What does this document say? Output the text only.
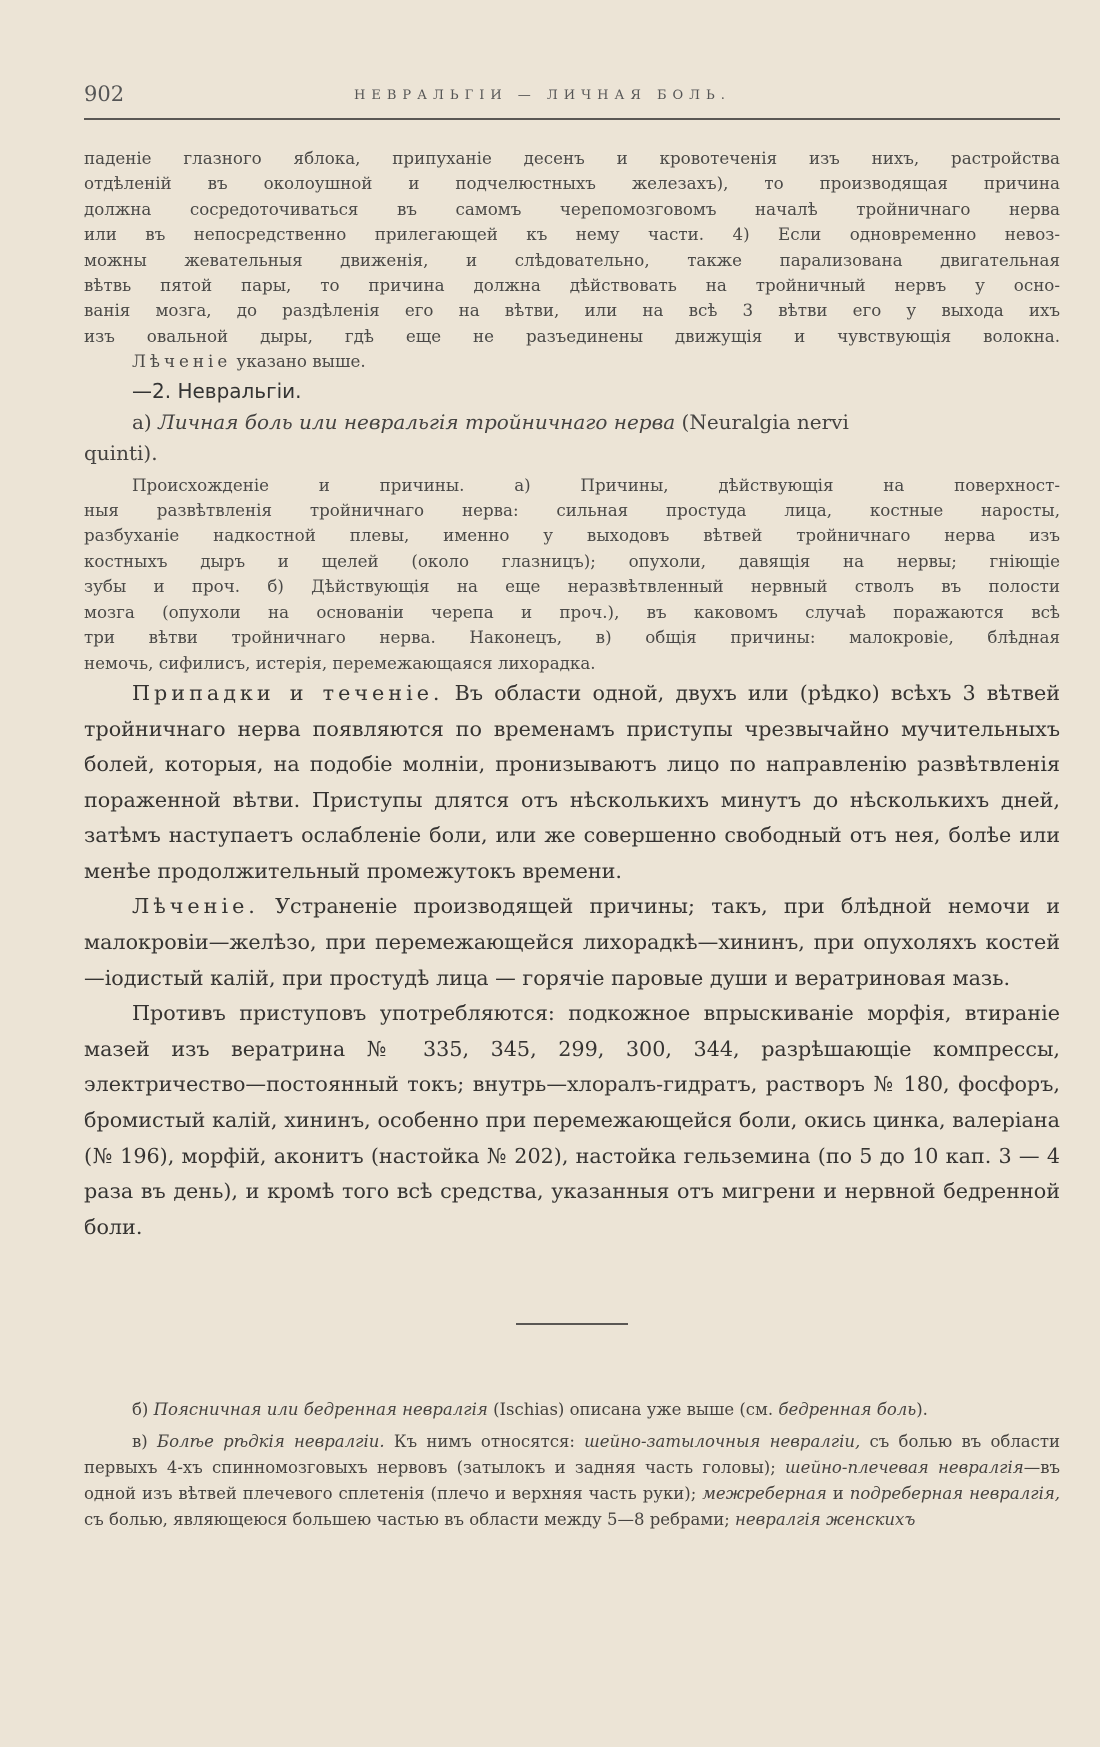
902	НЕВРАЛЬГІИ — ЛИЧНАЯ БОЛЬ.
паденіе глазного яблока, припуханіе десенъ и кровотеченія изъ нихъ, растройства
отдѣленій въ околоушной и подчелюстныхъ железахъ), то производящая причина
должна сосредоточиваться въ самомъ черепомозговомъ началѣ тройничнаго нерва
или въ непосредственно прилегающей къ нему части. 4) Если одновременно невоз-
можны жевательныя движенія, и слѣдовательно, также парализована двигательная
вѣтвь пятой пары, то причина должна дѣйствовать на тройничный нервъ у осно-
ванія мозга, до раздѣленія его на вѣтви, или на всѣ 3 вѣтви его у выхода ихъ
изъ овальной дыры, гдѣ еще не разъединены движущія и чувствующія волокна.

Лѣченіе указано выше.

—2. Невральгіи.

a) Личная боль или невральгія тройничнаго нерва (Neuralgia nervi

quinti).

Происхожденіе и причины. а) Причины, дѣйствующія на поверхност-
ныя развѣтвленія тройничнаго нерва: сильная простуда лица, костные наросты,
разбуханіе надкостной плевы, именно у выходовъ вѣтвей тройничнаго нерва изъ
костныхъ дыръ и щелей (около глазницъ); опухоли, давящія на нервы; гніющіе
зубы и проч. б) Дѣйствующія на еще неразвѣтвленный нервный стволъ въ полости
мозга (опухоли на основаніи черепа и проч.), въ каковомъ случаѣ поражаются всѣ
три вѣтви тройничнаго нерва. Наконецъ, в) общія причины: малокровіе, блѣдная
немочь, сифилисъ, истерія, перемежающаяся лихорадка.

Припадки и теченіе. Въ области одной, двухъ или (рѣдко) всѣхъ 3 вѣтвей тройничнаго нерва появляются по временамъ приступы чрезвычайно мучительныхъ болей, которыя, на подобіе молніи, пронизываютъ лицо по направленію развѣтвленія пораженной вѣтви. Приступы длятся отъ нѣсколькихъ минутъ до нѣсколькихъ дней, затѣмъ наступаетъ ослабленіе боли, или же совершенно свободный отъ нея, болѣе или менѣе продолжительный промежутокъ времени.

Лѣченіе. Устраненіе производящей причины; такъ, при блѣдной немочи и малокровіи—желѣзо, при перемежающейся лихорадкѣ—хининъ, при опухоляхъ костей—іодистый калій, при простудѣ лица — горячіе паровые души и вератриновая мазь.

Противъ приступовъ употребляются: подкожное впрыскиваніе морфія, втираніе мазей изъ вератрина № 335, 345, 299, 300, 344, разрѣшающіе компрессы, электричество—постоянный токъ; внутрь—хлоралъ-гидратъ, растворъ № 180, фосфоръ, бромистый калій, хининъ, особенно при перемежающейся боли, окись цинка, валеріана (№ 196), морфій, аконитъ (настойка № 202), настойка гельземина (по 5 до 10 кап. 3 — 4 раза въ день), и кромѣ того всѣ средства, указанныя отъ мигрени и нервной бедренной боли.

б) Поясничная или бедренная невралгія (Ischias) описана уже выше (см. бедренная боль).

в) Болѣе рѣдкія невралгіи. Къ нимъ относятся: шейно-затылочныя невралгіи, съ болью въ области первыхъ 4-хъ спинномозговыхъ нервовъ (затылокъ и задняя часть головы); шейно-плечевая невралгія—въ одной изъ вѣтвей плечевого сплетенія (плечо и верхняя часть руки); межреберная и подреберная невралгія, съ болью, являющеюся большею частью въ области между 5—8 ребрами; невралгія женскихъ
